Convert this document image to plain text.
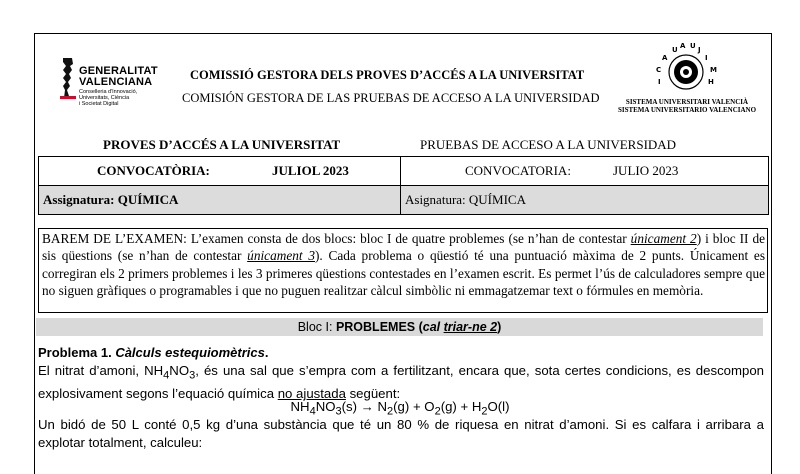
GENERALITAT
VALENCIANA
Conselleria d'Innovació,
Universitats, Ciència
i Societat Digital
COMISSIÓ GESTORA DELS PROVES D’ACCÉS A LA UNIVERSITAT
COMISIÓN GESTORA DE LAS PRUEBAS DE ACCESO A LA UNIVERSIDAD
U A U J
I
A
C
I
M
H
SISTEMA UNIVERSITARI VALENCIÀ
SISTEMA UNIVERSITARIO VALENCIANO
PROVES D’ACCÉS A LA UNIVERSITAT	PRUEBAS DE ACCESO A LA UNIVERSIDAD
CONVOCATÒRIA:	JULIOL 2023	CONVOCATORIA:	JULIO 2023
Assignatura: QUÍMICA	Asignatura: QUÍMICA
BAREM DE L’EXAMEN: L’examen consta de dos blocs: bloc I de quatre problemes (se n’han de contestar únicament 2) i bloc II de sis qüestions (se n’han de contestar únicament 3). Cada problema o qüestió té una puntuació màxima de 2 punts. Únicament es corregiran els 2 primers problemes i les 3 primeres qüestions contestades en l’examen escrit. Es permet l’ús de calculadores sempre que no siguen gràfiques o programables i que no puguen realitzar càlcul simbòlic ni emmagatzemar text o fórmules en memòria.
Bloc I: PROBLEMES (cal triar-ne 2)
Problema 1. Càlculs estequiomètrics.
El nitrat d’amoni, $NH_4NO_3$, és una sal que s’empra com a fertilitzant, encara que, sota certes condicions, es descompon explosivament segons l’equació química no ajustada següent:
$NH_4NO_3(s) \to N_2(g) + O_2(g) + H_2O(l)$
Un bidó de 50 L conté 0,5 kg d’una substància que té un 80 % de riquesa en nitrat d’amoni. Si es calfara i arribara a explotar totalment, calculeu:
